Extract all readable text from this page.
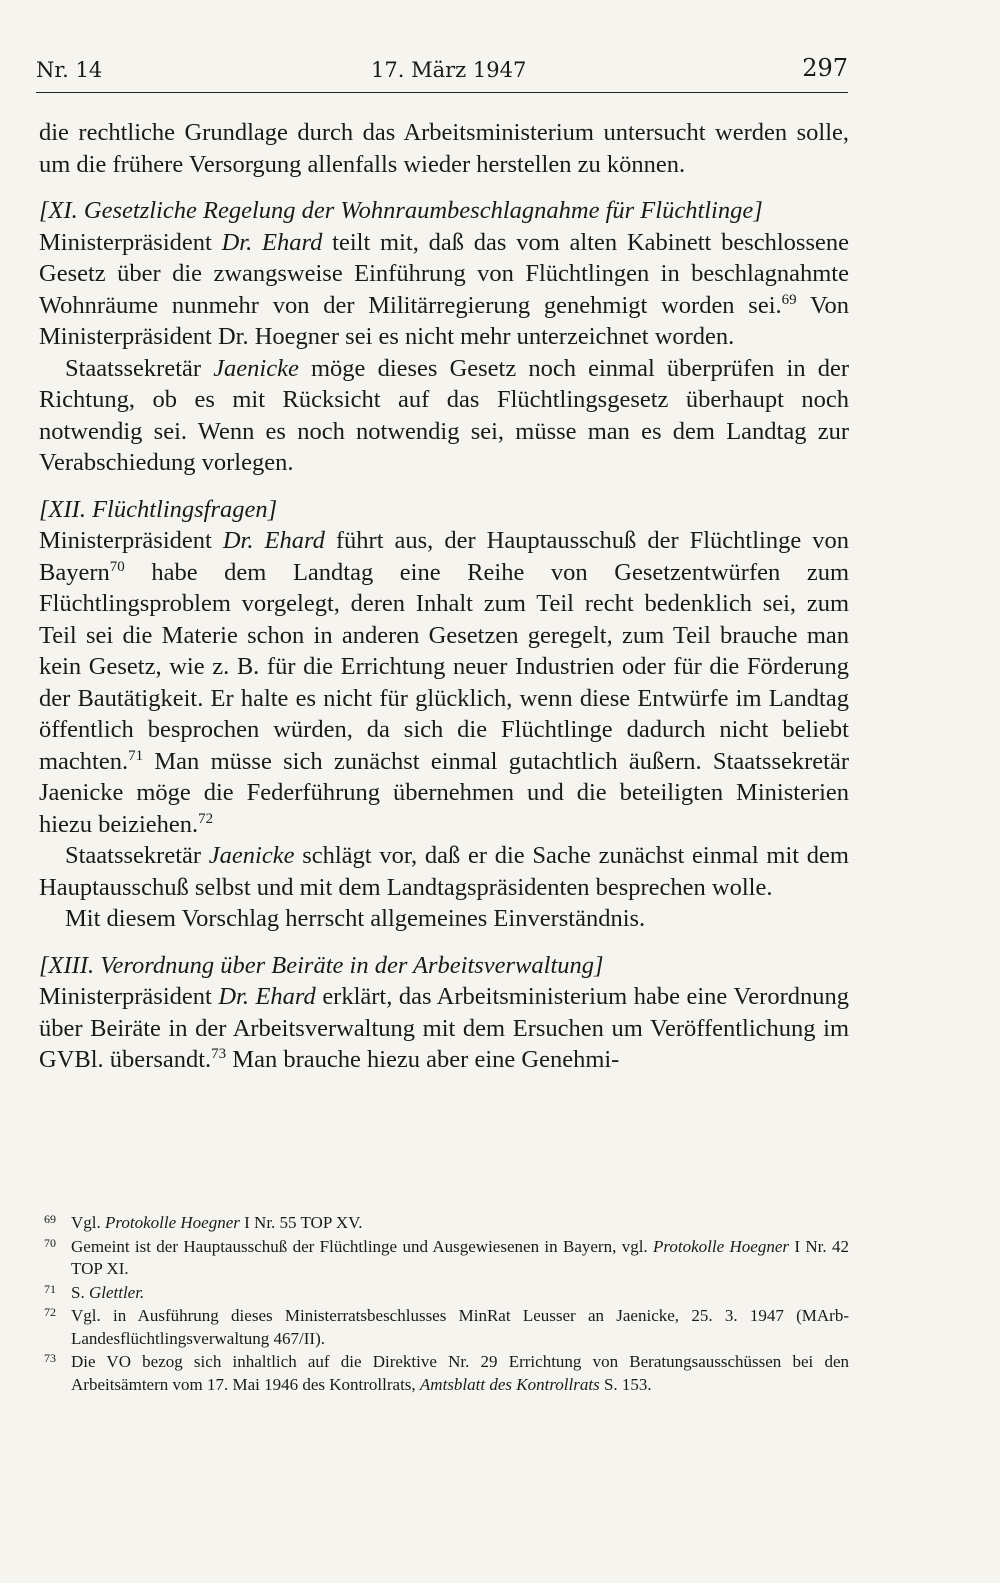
Nr. 14	17. März 1947	297

die rechtliche Grundlage durch das Arbeitsministerium untersucht werden solle, um die frühere Versorgung allenfalls wieder herstellen zu können.

[XI. Gesetzliche Regelung der Wohnraumbeschlagnahme für Flüchtlinge]

Ministerpräsident Dr. Ehard teilt mit, daß das vom alten Kabinett beschlossene Gesetz über die zwangsweise Einführung von Flüchtlingen in beschlagnahmte Wohnräume nunmehr von der Militärregierung genehmigt worden sei.$^{69}$ Von Ministerpräsident Dr. Hoegner sei es nicht mehr unterzeichnet worden.

Staatssekretär Jaenicke möge dieses Gesetz noch einmal überprüfen in der Richtung, ob es mit Rücksicht auf das Flüchtlingsgesetz überhaupt noch notwendig sei. Wenn es noch notwendig sei, müsse man es dem Landtag zur Verabschiedung vorlegen.

[XII. Flüchtlingsfragen]

Ministerpräsident Dr. Ehard führt aus, der Hauptausschuß der Flüchtlinge von Bayern$^{70}$ habe dem Landtag eine Reihe von Gesetzentwürfen zum Flüchtlingsproblem vorgelegt, deren Inhalt zum Teil recht bedenklich sei, zum Teil sei die Materie schon in anderen Gesetzen geregelt, zum Teil brauche man kein Gesetz, wie z. B. für die Errichtung neuer Industrien oder für die Förderung der Bautätigkeit. Er halte es nicht für glücklich, wenn diese Entwürfe im Landtag öffentlich besprochen würden, da sich die Flüchtlinge dadurch nicht beliebt machten.$^{71}$ Man müsse sich zunächst einmal gutachtlich äußern. Staatssekretär Jaenicke möge die Federführung übernehmen und die beteiligten Ministerien hiezu beiziehen.$^{72}$

Staatssekretär Jaenicke schlägt vor, daß er die Sache zunächst einmal mit dem Hauptausschuß selbst und mit dem Landtagspräsidenten besprechen wolle.

Mit diesem Vorschlag herrscht allgemeines Einverständnis.

[XIII. Verordnung über Beiräte in der Arbeitsverwaltung]

Ministerpräsident Dr. Ehard erklärt, das Arbeitsministerium habe eine Verordnung über Beiräte in der Arbeitsverwaltung mit dem Ersuchen um Veröffentlichung im GVBl. übersandt.$^{73}$ Man brauche hiezu aber eine Genehmi-

69 Vgl. Protokolle Hoegner I Nr. 55 TOP XV.
70 Gemeint ist der Hauptausschuß der Flüchtlinge und Ausgewiesenen in Bayern, vgl. Protokolle Hoegner I Nr. 42 TOP XI.
71 S. Glettler.
72 Vgl. in Ausführung dieses Ministerratsbeschlusses MinRat Leusser an Jaenicke, 25. 3. 1947 (MArb-Landesflüchtlingsverwaltung 467/II).
73 Die VO bezog sich inhaltlich auf die Direktive Nr. 29 Errichtung von Beratungsausschüssen bei den Arbeitsämtern vom 17. Mai 1946 des Kontrollrats, Amtsblatt des Kontrollrats S. 153.
